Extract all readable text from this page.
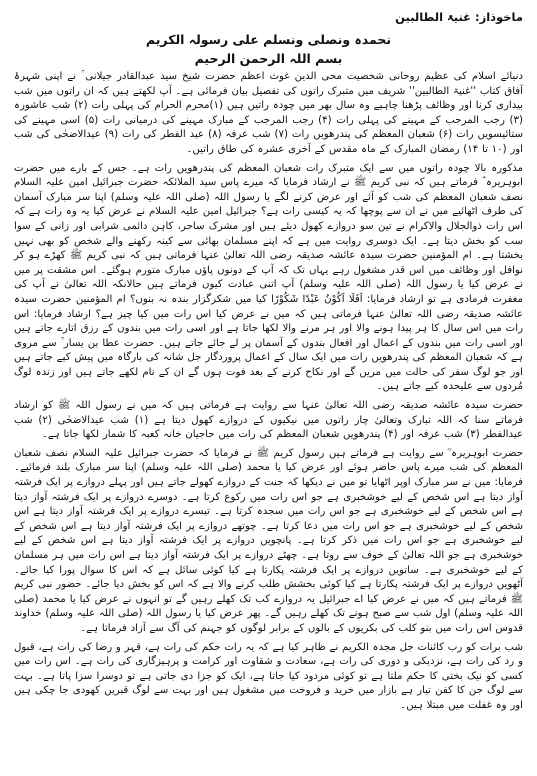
ماخوذاز: غنیۃ الطالبین
نحمدہ ونصلی ونسلم علی رسولہ الکریم
بسم اللہ الرحمن الرحیم

دنیائے اسلام کی عظیم روحانی شخصیت محی الدین غوث اعظم حضرت شیخ سید عبدالقادر جیلانی ؒ نے اپنی شہرۂ آفاق کتاب ''غنیۃ الطالبین'' شریف میں متبرک راتوں کی تفصیل بیان فرمائی ہے۔ آپ لکھتے ہیں کہ ان راتوں میں شب بیداری کرنا اور وظائف پڑھنا چاہیے وہ سال بھر میں چودہ راتیں ہیں (۱)محرم الحرام کی پہلی رات (۲) شب عاشورہ (۳) رجب المرجب کے مہینے کی پہلی رات (۴) رجب المرجب کے مبارک مہینے کی درمیانی رات (۵) اسی مہینے کی ستائیسویں رات (۶) شعبان المعظم کی پندرھویں رات (۷) شب عرفہ (۸) عید الفطر کی رات (۹) عیدالاضحٰی کی شب اور (۱۰ تا ۱۴) رمضان المبارک کے ماہ مقدس کے آخری عشرہ کی طاق راتیں۔

مذکورہ بالا چودہ راتوں میں سے ایک متبرک رات شعبان المعظم کی پندرھویں رات ہے۔ جس کے بارے میں حضرت ابوہریرہ ؓ فرماتے ہیں کہ نبی کریم ﷺ نے ارشاد فرمایا کہ میرے پاس سید الملائکہ حضرت جبرائیل امین علیہ السلام نصف شعبان المعظم کی شب کو آئے اور عرض کرنے لگے یا رسول اللہ (صلی اللہ علیہ وسلم) اپنا سر مبارک آسمان کی طرف اٹھائیے میں نے ان سے پوچھا کہ یہ کیسی رات ہے؟ جبرائیل امین علیہ السلام نے عرض کیا یہ وہ رات ہے کہ اس رات ذوالجلال والاکرام نے تین سو دروازے کھول دیئے ہیں اور مشرک ساحر، کاہن دائمی شرابی اور زانی کے سوا سب کو بخش دیتا ہے۔ ایک دوسری روایت میں ہے کہ اپنے مسلمان بھائی سے کینہ رکھنے والے شخص کو بھی نہیں بخشتا ہے۔ ام المؤمنین حضرت سیدہ عائشہ صدیقہ رضی اللہ تعالیٰ عنہا فرماتی ہیں کہ نبی کریم ﷺ کھڑے ہو کر نوافل اور وظائف میں اس قدر مشغول رہے یہاں تک کہ آپ کے دونوں پاؤں مبارک متورم ہوگئے۔ اس مشقت پر میں نے عرض کیا یا رسول اللہ (صلی اللہ علیہ وسلم) آپ اتنی عبادت کیوں فرماتے ہیں حالانکہ اللہ تعالیٰ نے آپ کی مغفرت فرمادی ہے تو ارشاد فرمایا: اَفَلَا اَکُوْنُ عَبْدًا شَکُوْرًا کیا میں شکرگزار بندہ نہ بنوں؟ ام المؤمنین حضرت سیدہ عائشہ صدیقہ رضی اللہ تعالیٰ عنہا فرماتی ہیں کہ میں نے عرض کیا اس رات میں کیا چیز ہے؟ ارشاد فرمایا: اس رات میں اس سال کا ہر پیدا ہونے والا اور ہر مرنے والا لکھا جاتا ہے اور اسی رات میں بندوں کے رزق اتارے جاتے ہیں اور اسی رات میں بندوں کے اعمال اور افعال بندوں کے آسمان پر لے جائے جاتے ہیں۔ حضرت عطا بن یسار ؒ سے مروی ہے کہ شعبان المعظم کی پندرھویں رات میں ایک سال کے اعمال پروردگار جل شانہ کی بارگاہ میں پیش کیے جاتے ہیں اور جو لوگ سفر کی حالت میں مریں گے اور نکاح کرنے کے بعد فوت ہوں گے ان کے نام لکھے جاتے ہیں اور زندہ لوگ مُردوں سے علیحدہ کیے جاتے ہیں۔

حضرت سیدہ عائشہ صدیقہ رضی اللہ تعالیٰ عنہا سے روایت ہے فرماتی ہیں کہ میں نے رسول اللہ ﷺ کو ارشاد فرماتے سنا کہ اللہ تبارک وتعالیٰ چار راتوں میں نیکیوں کے دروازے کھول دیتا ہے (۱) شب عیدالاضحٰی (۲) شب عیدالفطر (۳) شب عرفہ اور (۴) پندرھویں شعبان المعظم کی رات میں حاجیان خانہ کعبہ کا شمار لکھا جاتا ہے۔

حضرت ابوہریرہ ؓ سے روایت ہے فرماتے ہیں رسول کریم ﷺ نے فرمایا کہ حضرت جبرائیل علیہ السلام نصف شعبان المعظم کی شب میرے پاس حاضر ہوئے اور عرض کیا یا محمد (صلی اللہ علیہ وسلم) اپنا سر مبارک بلند فرمائیے۔ فرمایا: میں نے سر مبارک اوپر اٹھایا تو میں نے دیکھا کہ جنت کے دروازے کھولے جاتے ہیں اور پہلے دروازے پر ایک فرشتہ آواز دیتا ہے اس شخص کے لیے خوشخبری ہے جو اس رات میں رکوع کرتا ہے۔ دوسرے دروازے پر ایک فرشتہ آواز دیتا ہے اس شخص کے لیے خوشخبری ہے جو اس رات میں سجدہ کرتا ہے۔ تیسرے دروازے پر ایک فرشتہ آواز دیتا ہے اس شخص کے لیے خوشخبری ہے جو اس رات میں دعا کرتا ہے۔ چوتھے دروازے پر ایک فرشتہ آواز دیتا ہے اس شخص کے لیے خوشخبری ہے جو اس رات میں ذکر کرتا ہے۔ پانچویں دروازے پر ایک فرشتہ آواز دیتا ہے اس شخص کے لیے خوشخبری ہے جو اللہ تعالیٰ کے خوف سے روتا ہے۔ چھٹے دروازے پر ایک فرشتہ آواز دیتا ہے اس رات میں ہر مسلمان کے لیے خوشخبری ہے۔ ساتویں دروازے پر ایک فرشتہ پکارتا ہے کیا کوئی سائل ہے کہ اس کا سوال پورا کیا جائے۔ آٹھویں دروازے پر ایک فرشتہ پکارتا ہے کیا کوئی بخشش طلب کرنے والا ہے کہ اس کو بخش دیا جائے۔ حضور نبی کریم ﷺ فرماتے ہیں کہ میں نے عرض کیا اے جبرائیل یہ دروازے کب تک کھلے رہیں گے تو انہوں نے عرض کیا یا محمد (صلی اللہ علیہ وسلم) اول شب سے صبح ہونے تک کھلے رہیں گے۔ پھر عرض کیا یا رسول اللہ (صلی اللہ علیہ وسلم) خداوند قدوس اس رات میں بنو کلب کی بکریوں کے بالوں کے برابر لوگوں کو جہنم کی آگ سے آزاد فرماتا ہے۔

شب برات کو رب کائنات جل مجدہ الکریم نے ظاہر کیا ہے کہ یہ رات حکم کی رات ہے، قہر و رضا کی رات ہے، قبول و رد کی رات ہے، نزدیکی و دوری کی رات ہے، سعادت و شقاوت اور کرامت و پرہیزگاری کی رات ہے۔ اس رات میں کسی کو نیک بختی کا حکم ملتا ہے تو کوئی مردود کیا جاتا ہے، ایک کو جزا دی جاتی ہے تو دوسرا سزا پاتا ہے۔ بہت سے لوگ جن کا کفن تیار ہے بازار میں خرید و فروخت میں مشغول ہیں اور بہت سے لوگ قبریں کھودی جا چکی ہیں اور وہ غفلت میں مبتلا ہیں۔
